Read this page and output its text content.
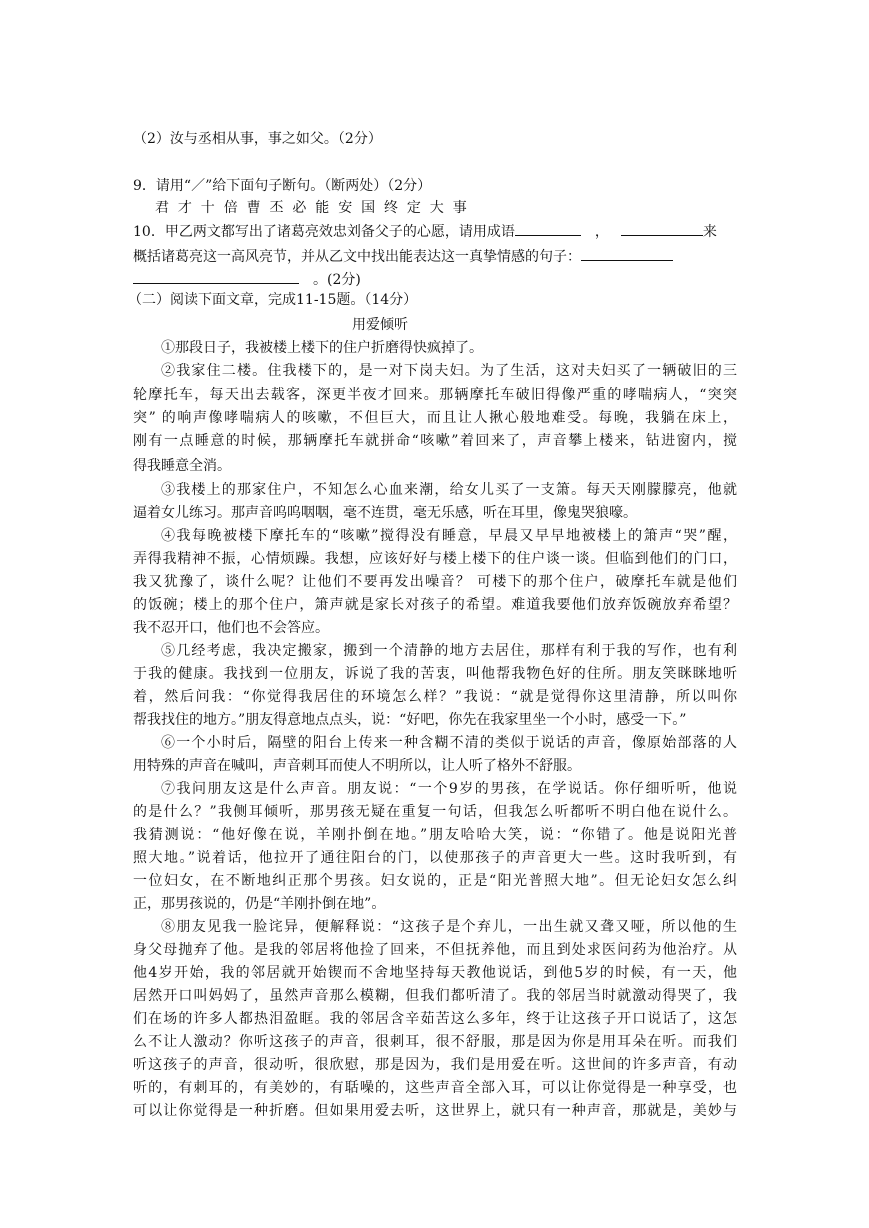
（2）汝与丞相从事，事之如父。（2分）
9．请用“／”给下面句子断句。（断两处）（2分）
君才十倍曹丕必能安国终定大事
10．甲乙两文都写出了诸葛亮效忠刘备父子的心愿，请用成语	，	来
概括诸葛亮这一高风亮节，并从乙文中找出能表达这一真挚情感的句子：
。(2分)
（二）阅读下面文章，完成11-15题。（14分）
用爱倾听
①那段日子，我被楼上楼下的住户折磨得快疯掉了。
②我家住二楼。住我楼下的，是一对下岗夫妇。为了生活，这对夫妇买了一辆破旧的三
轮摩托车，每天出去载客，深更半夜才回来。那辆摩托车破旧得像严重的哮喘病人，“突突
突” 的响声像哮喘病人的咳嗽，不但巨大，而且让人揪心般地难受。每晚，我躺在床上，
刚有一点睡意的时候，那辆摩托车就拼命“咳嗽”着回来了，声音攀上楼来，钻进窗内，搅
得我睡意全消。
③我楼上的那家住户，不知怎么心血来潮，给女儿买了一支箫。每天天刚朦朦亮，他就
逼着女儿练习。那声音呜呜咽咽，毫不连贯，毫无乐感，听在耳里，像鬼哭狼嚎。
④我每晚被楼下摩托车的“咳嗽”搅得没有睡意，早晨又早早地被楼上的箫声“哭”醒，
弄得我精神不振，心情烦躁。我想，应该好好与楼上楼下的住户谈一谈。但临到他们的门口，
我又犹豫了，谈什么呢？让他们不要再发出噪音？ 可楼下的那个住户，破摩托车就是他们
的饭碗；楼上的那个住户，箫声就是家长对孩子的希望。难道我要他们放弃饭碗放弃希望？
我不忍开口，他们也不会答应。
⑤几经考虑，我决定搬家，搬到一个清静的地方去居住，那样有利于我的写作，也有利
于我的健康。我找到一位朋友，诉说了我的苦衷，叫他帮我物色好的住所。朋友笑眯眯地听
着，然后问我：“你觉得我居住的环境怎么样？”我说：“就是觉得你这里清静，所以叫你
帮我找住的地方。”朋友得意地点点头，说：“好吧，你先在我家里坐一个小时，感受一下。”
⑥一个小时后，隔壁的阳台上传来一种含糊不清的类似于说话的声音，像原始部落的人
用特殊的声音在喊叫，声音刺耳而使人不明所以，让人听了格外不舒服。
⑦我问朋友这是什么声音。朋友说：“一个9岁的男孩，在学说话。你仔细听听，他说
的是什么？”我侧耳倾听，那男孩无疑在重复一句话，但我怎么听都听不明白他在说什么。
我猜测说：“他好像在说，羊刚扑倒在地。”朋友哈哈大笑，说：“你错了。他是说阳光普
照大地。”说着话，他拉开了通往阳台的门，以使那孩子的声音更大一些。这时我听到，有
一位妇女，在不断地纠正那个男孩。妇女说的，正是“阳光普照大地”。但无论妇女怎么纠
正，那男孩说的，仍是“羊刚扑倒在地”。
⑧朋友见我一脸诧异，便解释说：“这孩子是个弃儿，一出生就又聋又哑，所以他的生
身父母抛弃了他。是我的邻居将他捡了回来，不但抚养他，而且到处求医问药为他治疗。从
他4岁开始，我的邻居就开始锲而不舍地坚持每天教他说话，到他5岁的时候，有一天，他
居然开口叫妈妈了，虽然声音那么模糊，但我们都听清了。我的邻居当时就激动得哭了，我
们在场的许多人都热泪盈眶。我的邻居含辛茹苦这么多年，终于让这孩子开口说话了，这怎
么不让人激动？你听这孩子的声音，很刺耳，很不舒服，那是因为你是用耳朵在听。而我们
听这孩子的声音，很动听，很欣慰，那是因为，我们是用爱在听。这世间的许多声音，有动
听的，有刺耳的，有美妙的，有聒噪的，这些声音全部入耳，可以让你觉得是一种享受，也
可以让你觉得是一种折磨。但如果用爱去听，这世界上，就只有一种声音，那就是，美妙与
